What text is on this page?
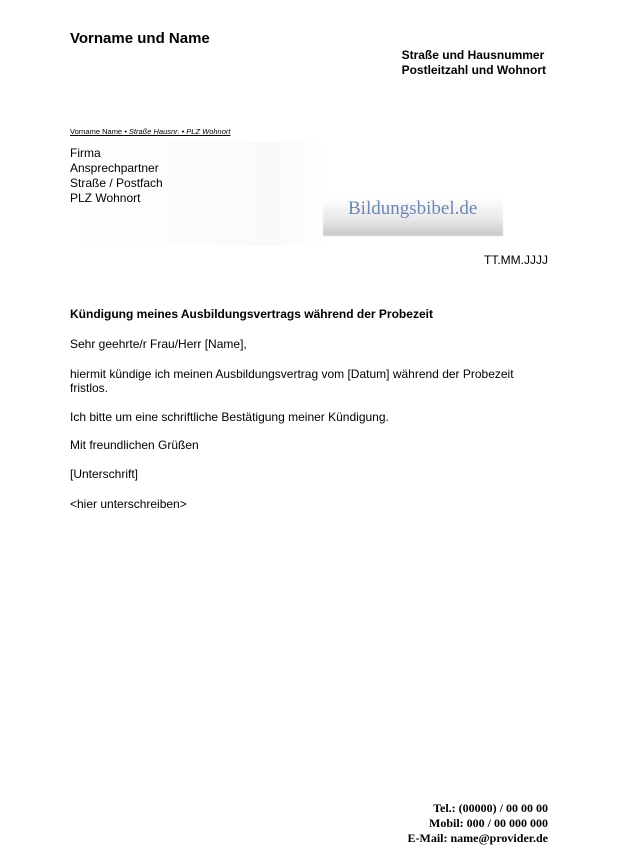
Vorname und Name
Straße und Hausnummer
Postleitzahl und Wohnort
Vorname Name • Straße Hausnr. • PLZ Wohnort
Firma
Ansprechpartner
Straße / Postfach
PLZ Wohnort	Bildungsbibel.de
TT.MM.JJJJ
Kündigung meines Ausbildungsvertrags während der Probezeit
Sehr geehrte/r Frau/Herr [Name],
hiermit kündige ich meinen Ausbildungsvertrag vom [Datum] während der Probezeit fristlos.
Ich bitte um eine schriftliche Bestätigung meiner Kündigung.
Mit freundlichen Grüßen
[Unterschrift]
<hier unterschreiben>
Tel.: (00000) / 00 00 00
Mobil: 000 / 00 000 000
E-Mail: name@provider.de
